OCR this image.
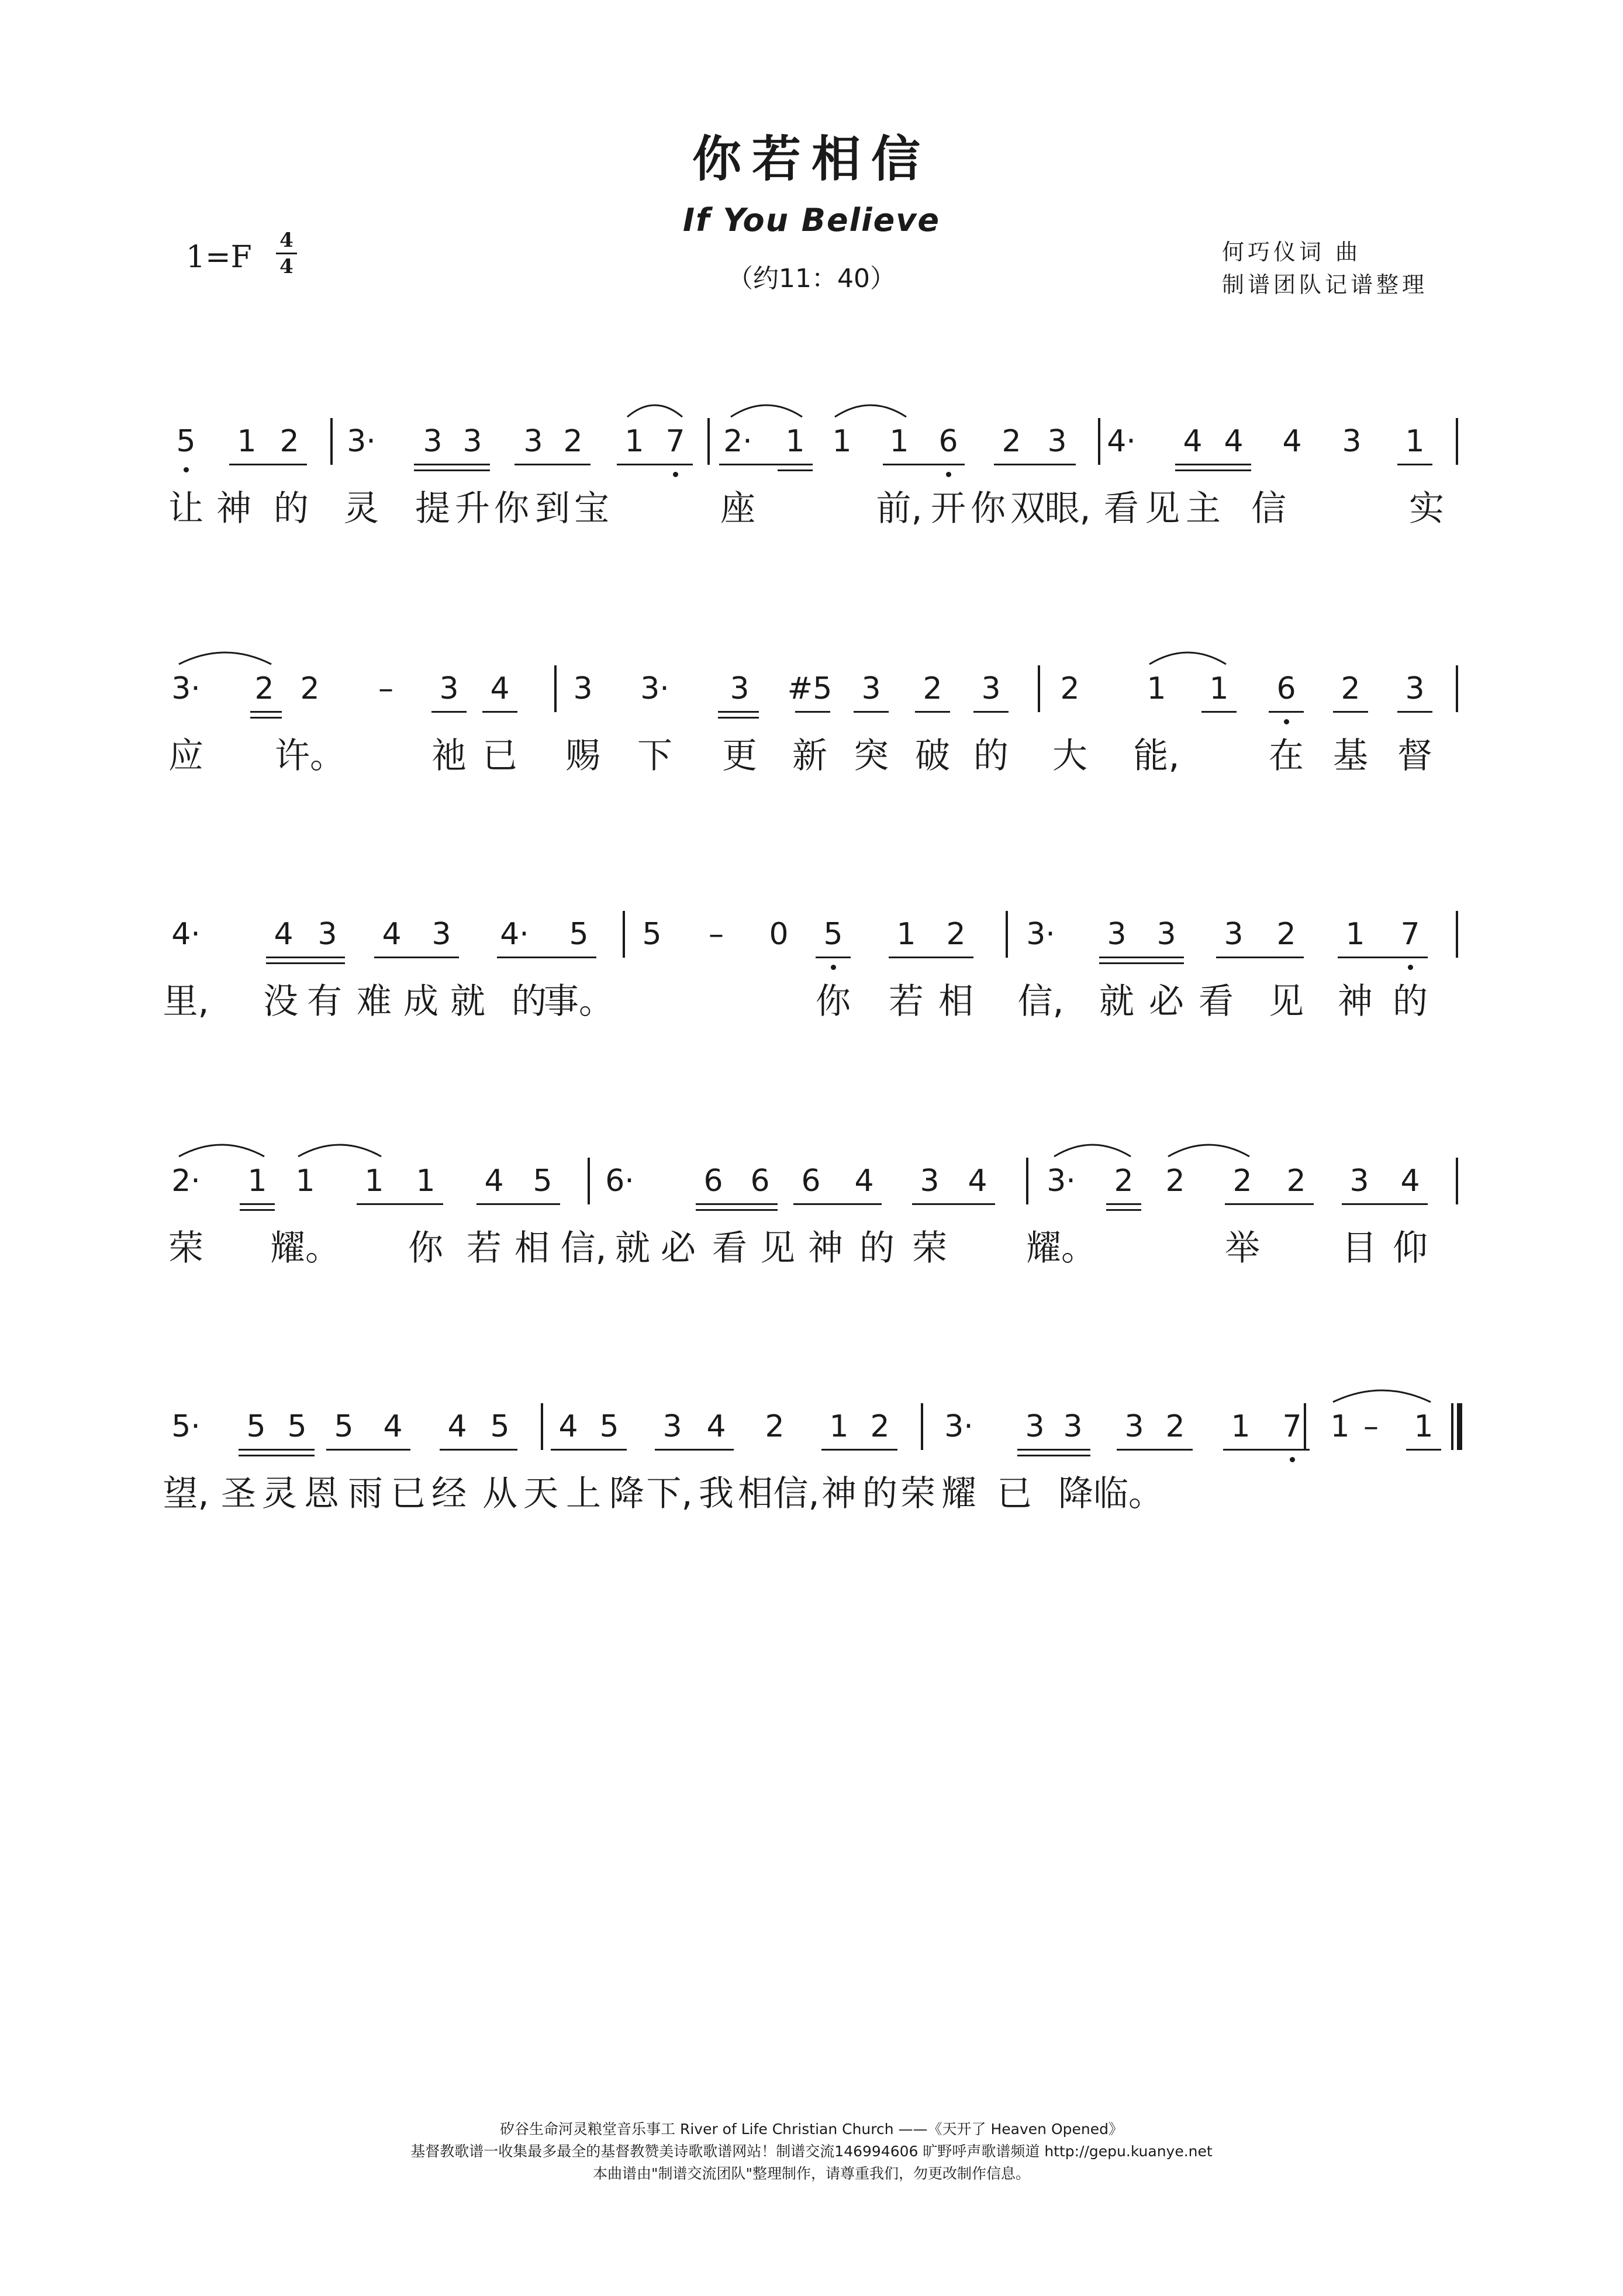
你若相信
If You Believe
（约11：40）
1=F 4
4
何巧仪词 曲
制谱团队记谱整理
5 1 2 3· 3 3 3 2 1 7 2· 1 1 1 6 2 3 4· 4 4 4 3 1
让 神 的 灵 提 升 你 到 宝	座	前, 开 你 双
眼, 看 见 主 信	实
3· 2 2 – 3 4 3 3· 3 #5 3 2 3 2 1 1 6 2 3
应 许。 祂 已 赐 下 更 新 突 破 的 大 能,	在 基 督
4· 4 3 4 3 4· 5 5 – 0 5 1 2 3· 3 3 3 2 1 7
里, 没 有 难 成 就 的
事。	你 若 相 信, 就 必 看 见 神 的
2· 1 1 1 1 4 5 6· 6 6 6 4 3 4 3· 2 2 2 2 3 4
荣 耀。 你 若 相 信, 就 必 看 见 神 的 荣 耀。	举 目 仰
5· 5 5 5 4 4 5 4 5 3 4 2 1 2 3· 3 3 3 2 1 7 1 – 1
望, 圣 灵 恩 雨 已 经 从 天 上 降 下, 我 相 信, 神 的 荣 耀 已 降 临。
矽谷生命河灵粮堂音乐事工 River of Life Christian Church ——《天开了 Heaven Opened》
基督教歌谱一收集最多最全的基督教赞美诗歌歌谱网站！制谱交流146994606 旷野呼声歌谱频道 http://gepu.kuanye.net
本曲谱由"制谱交流团队"整理制作，请尊重我们，勿更改制作信息。
